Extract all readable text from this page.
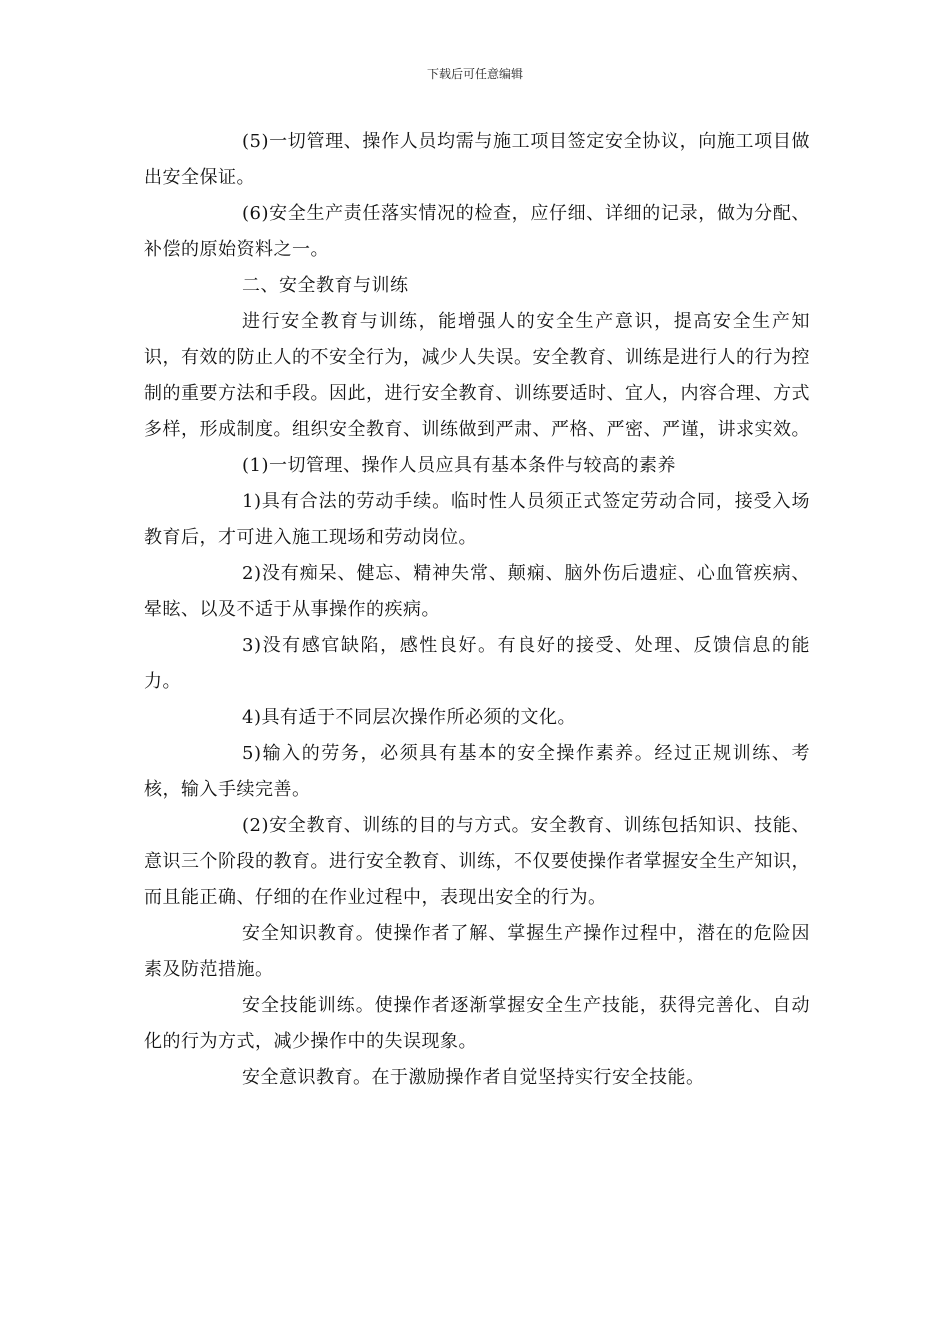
下载后可任意编辑

(5)一切管理、操作人员均需与施工项目签定安全协议，向施工项目做出安全保证。

(6)安全生产责任落实情况的检查，应仔细、详细的记录，做为分配、补偿的原始资料之一。

二、安全教育与训练

进行安全教育与训练，能增强人的安全生产意识，提高安全生产知识，有效的防止人的不安全行为，减少人失误。安全教育、训练是进行人的行为控制的重要方法和手段。因此，进行安全教育、训练要适时、宜人，内容合理、方式多样，形成制度。组织安全教育、训练做到严肃、严格、严密、严谨，讲求实效。

(1)一切管理、操作人员应具有基本条件与较高的素养

1)具有合法的劳动手续。临时性人员须正式签定劳动合同，接受入场教育后，才可进入施工现场和劳动岗位。

2)没有痴呆、健忘、精神失常、颠痫、脑外伤后遗症、心血管疾病、晕眩、以及不适于从事操作的疾病。

3)没有感官缺陷，感性良好。有良好的接受、处理、反馈信息的能力。

4)具有适于不同层次操作所必须的文化。

5)输入的劳务，必须具有基本的安全操作素养。经过正规训练、考核，输入手续完善。

(2)安全教育、训练的目的与方式。安全教育、训练包括知识、技能、意识三个阶段的教育。进行安全教育、训练，不仅要使操作者掌握安全生产知识，而且能正确、仔细的在作业过程中，表现出安全的行为。

安全知识教育。使操作者了解、掌握生产操作过程中，潜在的危险因素及防范措施。

安全技能训练。使操作者逐渐掌握安全生产技能，获得完善化、自动化的行为方式，减少操作中的失误现象。

安全意识教育。在于激励操作者自觉坚持实行安全技能。
